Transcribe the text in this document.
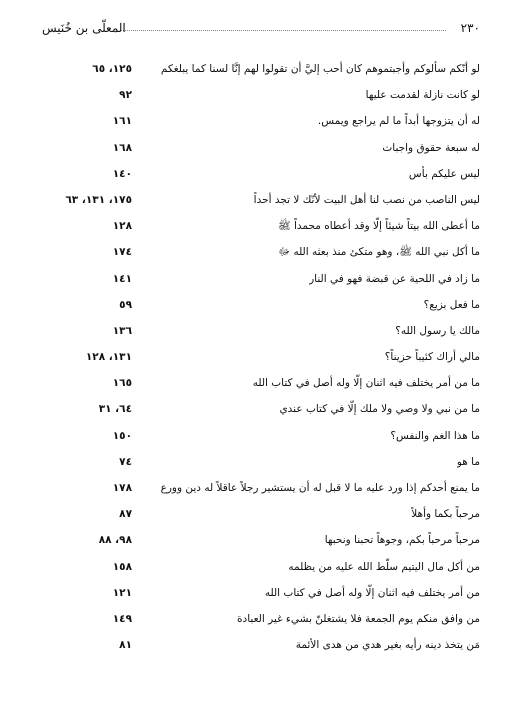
٢٣٠
المعلّى بن خُنَيس
لو أنّكم سألوكم وأجبتموهم كان أحب إليَّ أن تقولوا لهم إنَّا لسنا كما يبلغكم
١٢٥، ٦٥
لو كانت نازلة لقدمت عليها
٩٢
له أن يتزوجها أبداً ما لم يراجع ويمس.
١٦١
له سبعة حقوق واجبات
١٦٨
ليس عليكم بأس
١٤٠
ليس الناصب من نصب لنا أهل البيت لأنّك لا تجد أحداً
١٧٥، ١٣١، ٦٣
ما أعطى الله بيتاً شيئاً إلّا وقد أعطاه محمداً ﷺ
١٢٨
ما أكل نبي الله ﷺ، وهو متكئ منذ بعثه الله ﷻ
١٧٤
ما زاد في اللحية عن قبضة فهو في النار
١٤١
ما فعل بزيع؟
٥٩
مالك يا رسول الله؟
١٣٦
مالي أراك كئيباً حزيناً؟
١٣١، ١٢٨
ما من أمر يختلف فيه اثنان إلّا وله أصل في كتاب الله
١٦٥
ما من نبي ولا وصي ولا ملك إلّا في كتاب عندي
٦٤، ٣١
ما هذا الغم والنفس؟
١٥٠
ما هو
٧٤
ما يمنع أحدكم إذا ورد عليه ما لا قبل له أن يستشير رجلاً عاقلاً له دين وورع
١٧٨
مرحباً بكما وأهلاً
٨٧
مرحباً مرحباً بكم، وجوهاً تحبنا ونحبها
٩٨، ٨٨
من أكل مال اليتيم سلّط الله عليه من يظلمه
١٥٨
من أمر يختلف فيه اثنان إلّا وله أصل في كتاب الله
١٢١
من وافق منكم يوم الجمعة فلا يشتغلنّ بشيء غير العبادة
١٤٩
مَن يتخذ دينه رأيه بغير هدي من هدى الأئمة
٨١
